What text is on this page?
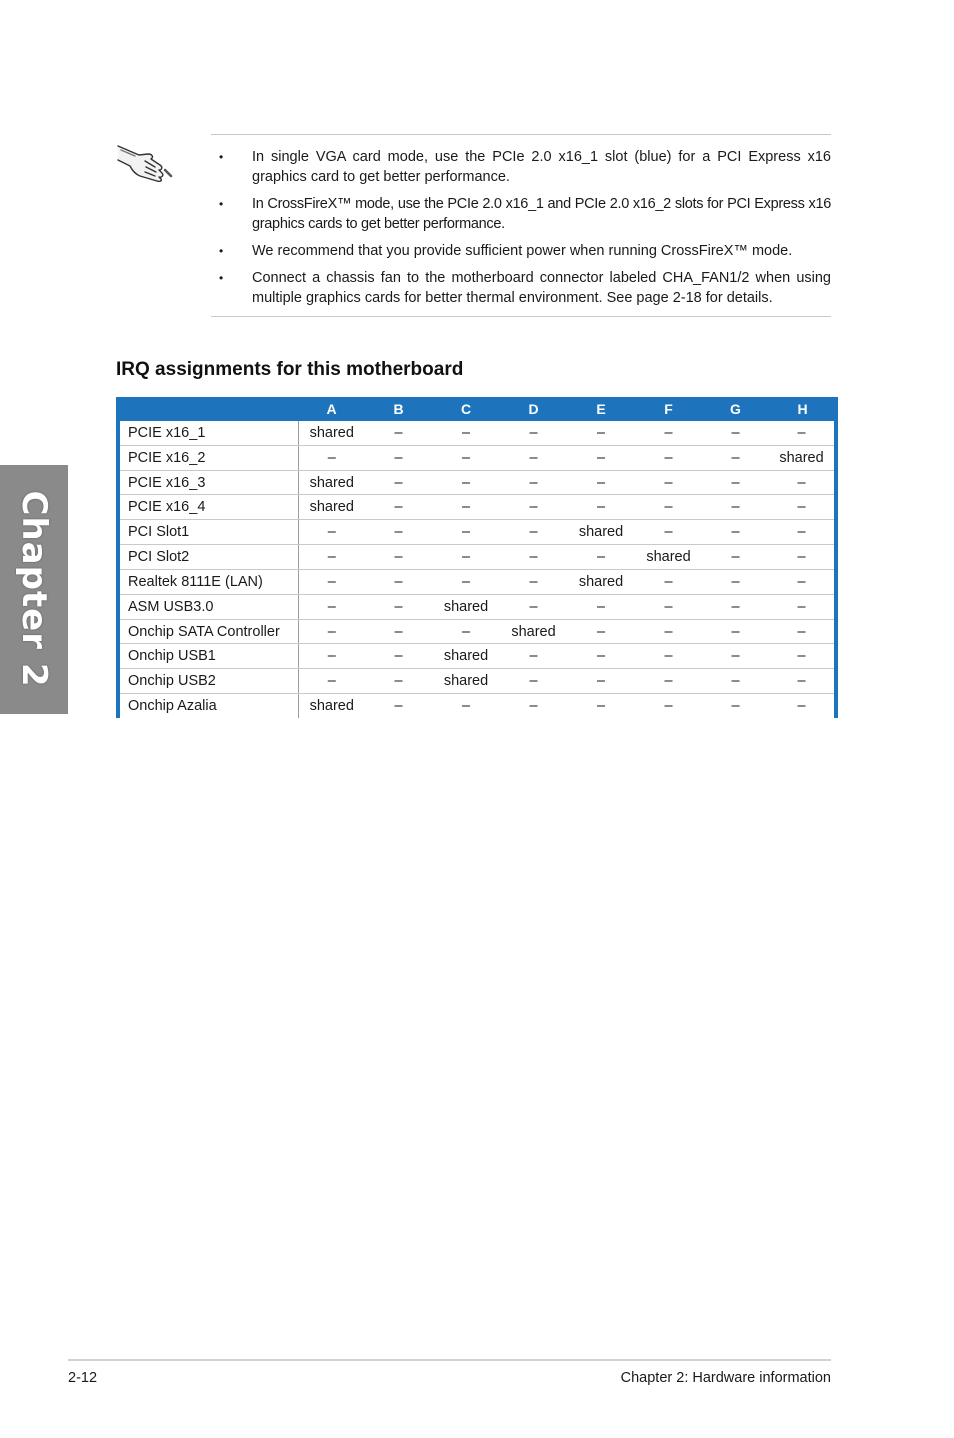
Chapter 2
• In single VGA card mode, use the PCIe 2.0 x16_1 slot (blue) for a PCI Express x16 graphics card to get better performance.
• In CrossFireX™ mode, use the PCIe 2.0 x16_1 and PCIe 2.0 x16_2 slots for PCI Express x16 graphics cards to get better performance.
• We recommend that you provide sufficient power when running CrossFireX™ mode.
• Connect a chassis fan to the motherboard connector labeled CHA_FAN1/2 when using multiple graphics cards for better thermal environment. See page 2-18 for details.
IRQ assignments for this motherboard
	A	B	C	D	E	F	G	H
PCIE x16_1	shared	–	–	–	–	–	–	–
PCIE x16_2	–	–	–	–	–	–	–	shared
PCIE x16_3	shared	–	–	–	–	–	–	–
PCIE x16_4	shared	–	–	–	–	–	–	–
PCI Slot1	–	–	–	–	shared	–	–	–
PCI Slot2	–	–	–	–	–	shared	–	–
Realtek 8111E (LAN)	–	–	–	–	shared	–	–	–
ASM USB3.0	–	–	shared	–	–	–	–	–
Onchip SATA Controller	–	–	–	shared	–	–	–	–
Onchip USB1	–	–	shared	–	–	–	–	–
Onchip USB2	–	–	shared	–	–	–	–	–
Onchip Azalia	shared	–	–	–	–	–	–	–
2-12	Chapter 2: Hardware information
